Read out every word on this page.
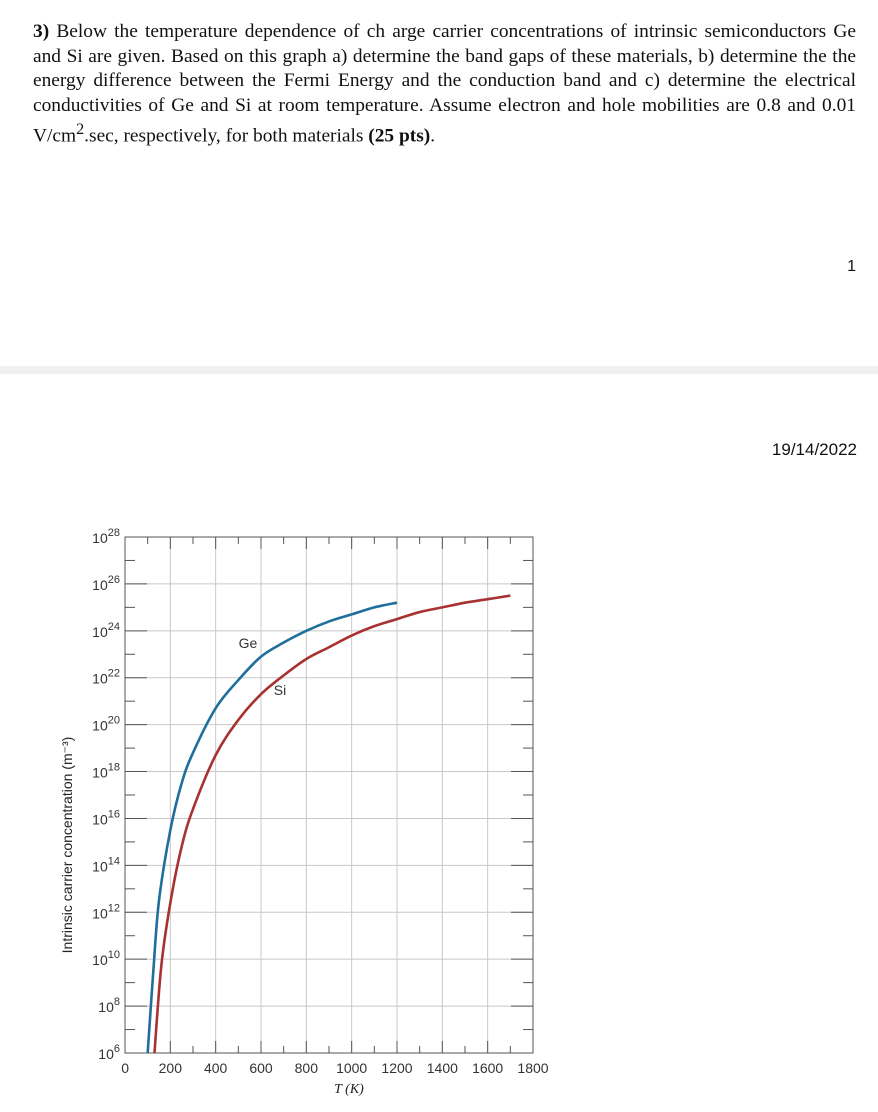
3) Below the temperature dependence of ch arge carrier concentrations of intrinsic semiconductors Ge and Si are given. Based on this graph a) determine the band gaps of these materials, b) determine the the energy difference between the Fermi Energy and the conduction band and c) determine the electrical conductivities of Ge and Si at room temperature. Assume electron and hole mobilities are 0.8 and 0.01 $V/cm^2.\sec$, respectively, for both materials (25 pts).
1
19/14/2022
$10^{28}$
$10^{26}$
$10^{24}$
$10^{22}$
$10^{20}$
$10^{18}$
$10^{16}$
$10^{14}$
$10^{12}$
$10^{10}$
$10^8$
$10^6$
0 200 400 600 800 1000 1200 1400 1600 1800
Ge
Si
Intrinsic carrier concentration (m⁻³)
T (K)
